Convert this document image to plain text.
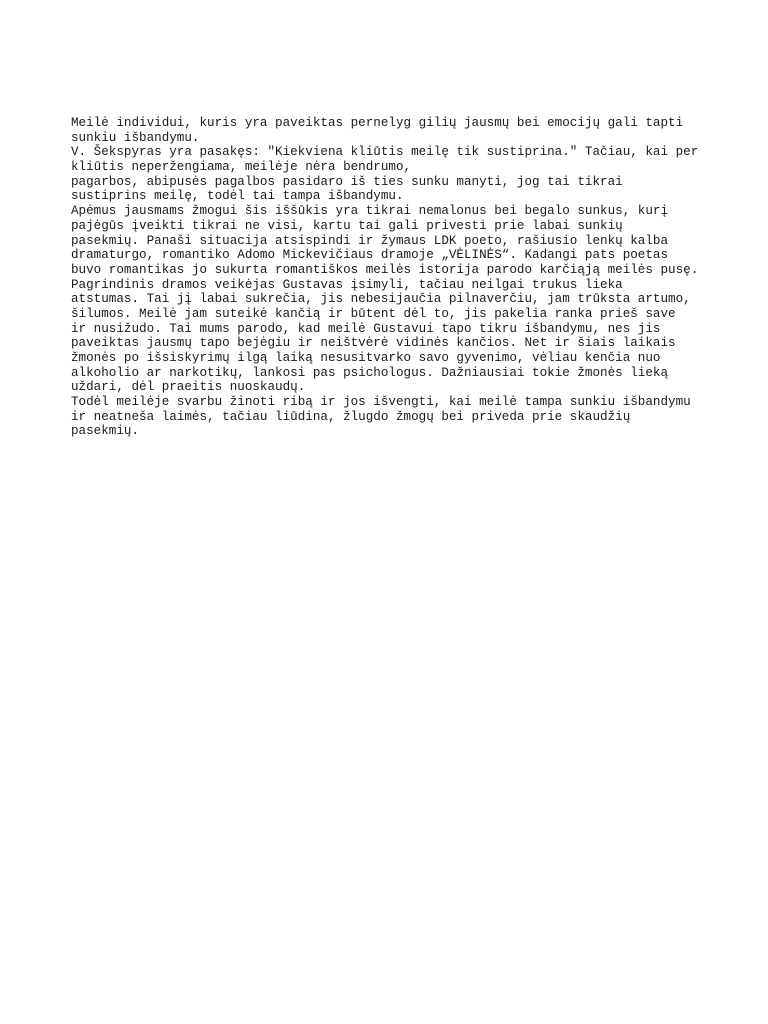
Meilė individui, kuris yra paveiktas pernelyg gilių jausmų bei emocijų gali tapti
sunkiu išbandymu.
V. Šekspyras yra pasakęs: "Kiekviena kliūtis meilę tik sustiprina." Tačiau, kai per
kliūtis neperžengiama, meilėje nėra bendrumo,
pagarbos, abipusės pagalbos pasidaro iš ties sunku manyti, jog tai tikrai
sustiprins meilę, todėl tai tampa išbandymu.
Apėmus jausmams žmogui šis iššūkis yra tikrai nemalonus bei begalo sunkus, kurį
pajėgūs įveikti tikrai ne visi, kartu tai gali privesti prie labai sunkių
pasekmių. Panaši situacija atsispindi ir žymaus LDK poeto, rašiusio lenkų kalba
dramaturgo, romantiko Adomo Mickevičiaus dramoje „VĖLINĖS“. Kadangi pats poetas
buvo romantikas jo sukurta romantiškos meilės istorija parodo karčiąją meilės pusę.
Pagrindinis dramos veikėjas Gustavas įsimyli, tačiau neilgai trukus lieka
atstumas. Tai jį labai sukrečia, jis nebesijaučia pilnaverčiu, jam trūksta artumo,
šilumos. Meilė jam suteikė kančią ir būtent dėl to, jis pakelia ranka prieš save
ir nusižudo. Tai mums parodo, kad meilė Gustavui tapo tikru išbandymu, nes jis
paveiktas jausmų tapo bejėgiu ir neištvėrė vidinės kančios. Net ir šiais laikais
žmonės po išsiskyrimų ilgą laiką nesusitvarko savo gyvenimo, vėliau kenčia nuo
alkoholio ar narkotikų, lankosi pas psichologus. Dažniausiai tokie žmonės lieką
uždari, dėl praeitis nuoskaudų.
Todėl meilėje svarbu žinoti ribą ir jos išvengti, kai meilė tampa sunkiu išbandymu
ir neatneša laimės, tačiau liūdina, žlugdo žmogų bei priveda prie skaudžių
pasekmių.
